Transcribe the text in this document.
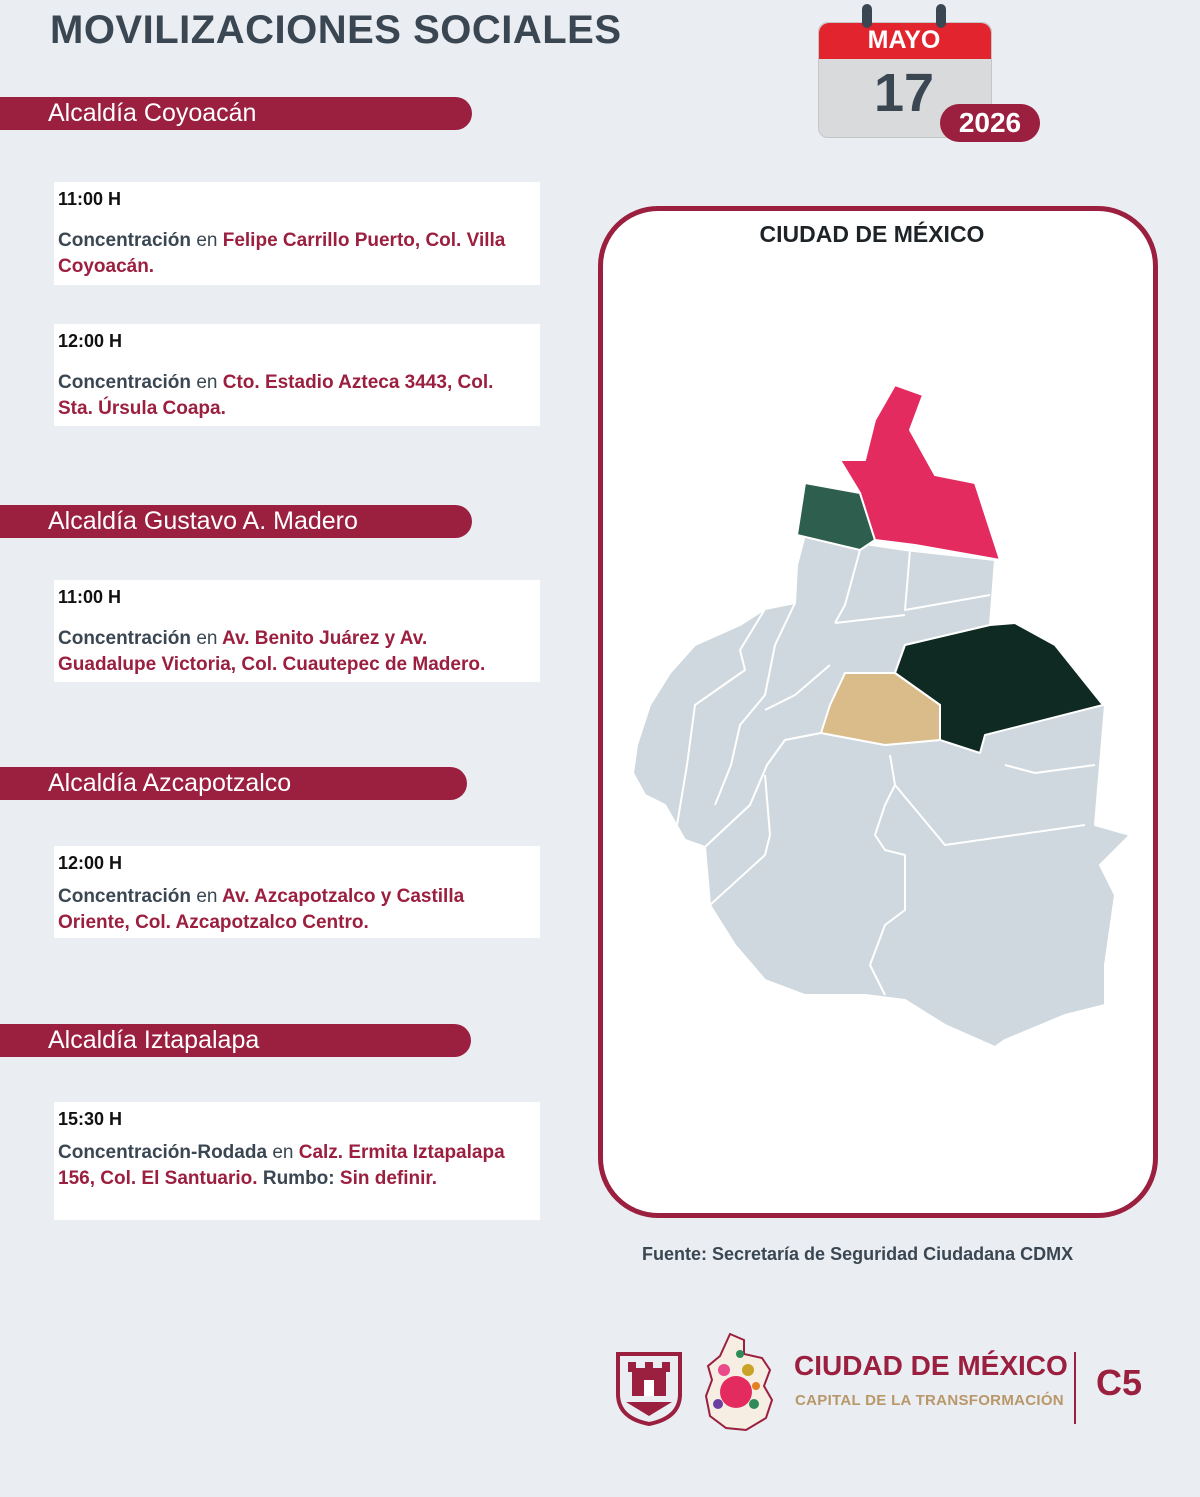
MOVILIZACIONES SOCIALES	MAYO
17 2026
Alcaldía Coyoacán

11:00 H

Concentración en Felipe Carrillo Puerto, Col. Villa Coyoacán.

12:00 H

Concentración en Cto. Estadio Azteca 3443, Col. Sta. Úrsula Coapa.

Alcaldía Gustavo A. Madero

11:00 H

Concentración en Av. Benito Juárez y Av. Guadalupe Victoria, Col. Cuautepec de Madero.

Alcaldía Azcapotzalco

12:00 H

Concentración en Av. Azcapotzalco y Castilla Oriente, Col. Azcapotzalco Centro.

Alcaldía Iztapalapa

15:30 H

Concentración-Rodada en Calz. Ermita Iztapalapa 156, Col. El Santuario. Rumbo: Sin definir.

CIUDAD DE MÉXICO
Fuente: Secretaría de Seguridad Ciudadana CDMX
CIUDAD DE MÉXICO
CAPITAL DE LA TRANSFORMACIÓN C5
